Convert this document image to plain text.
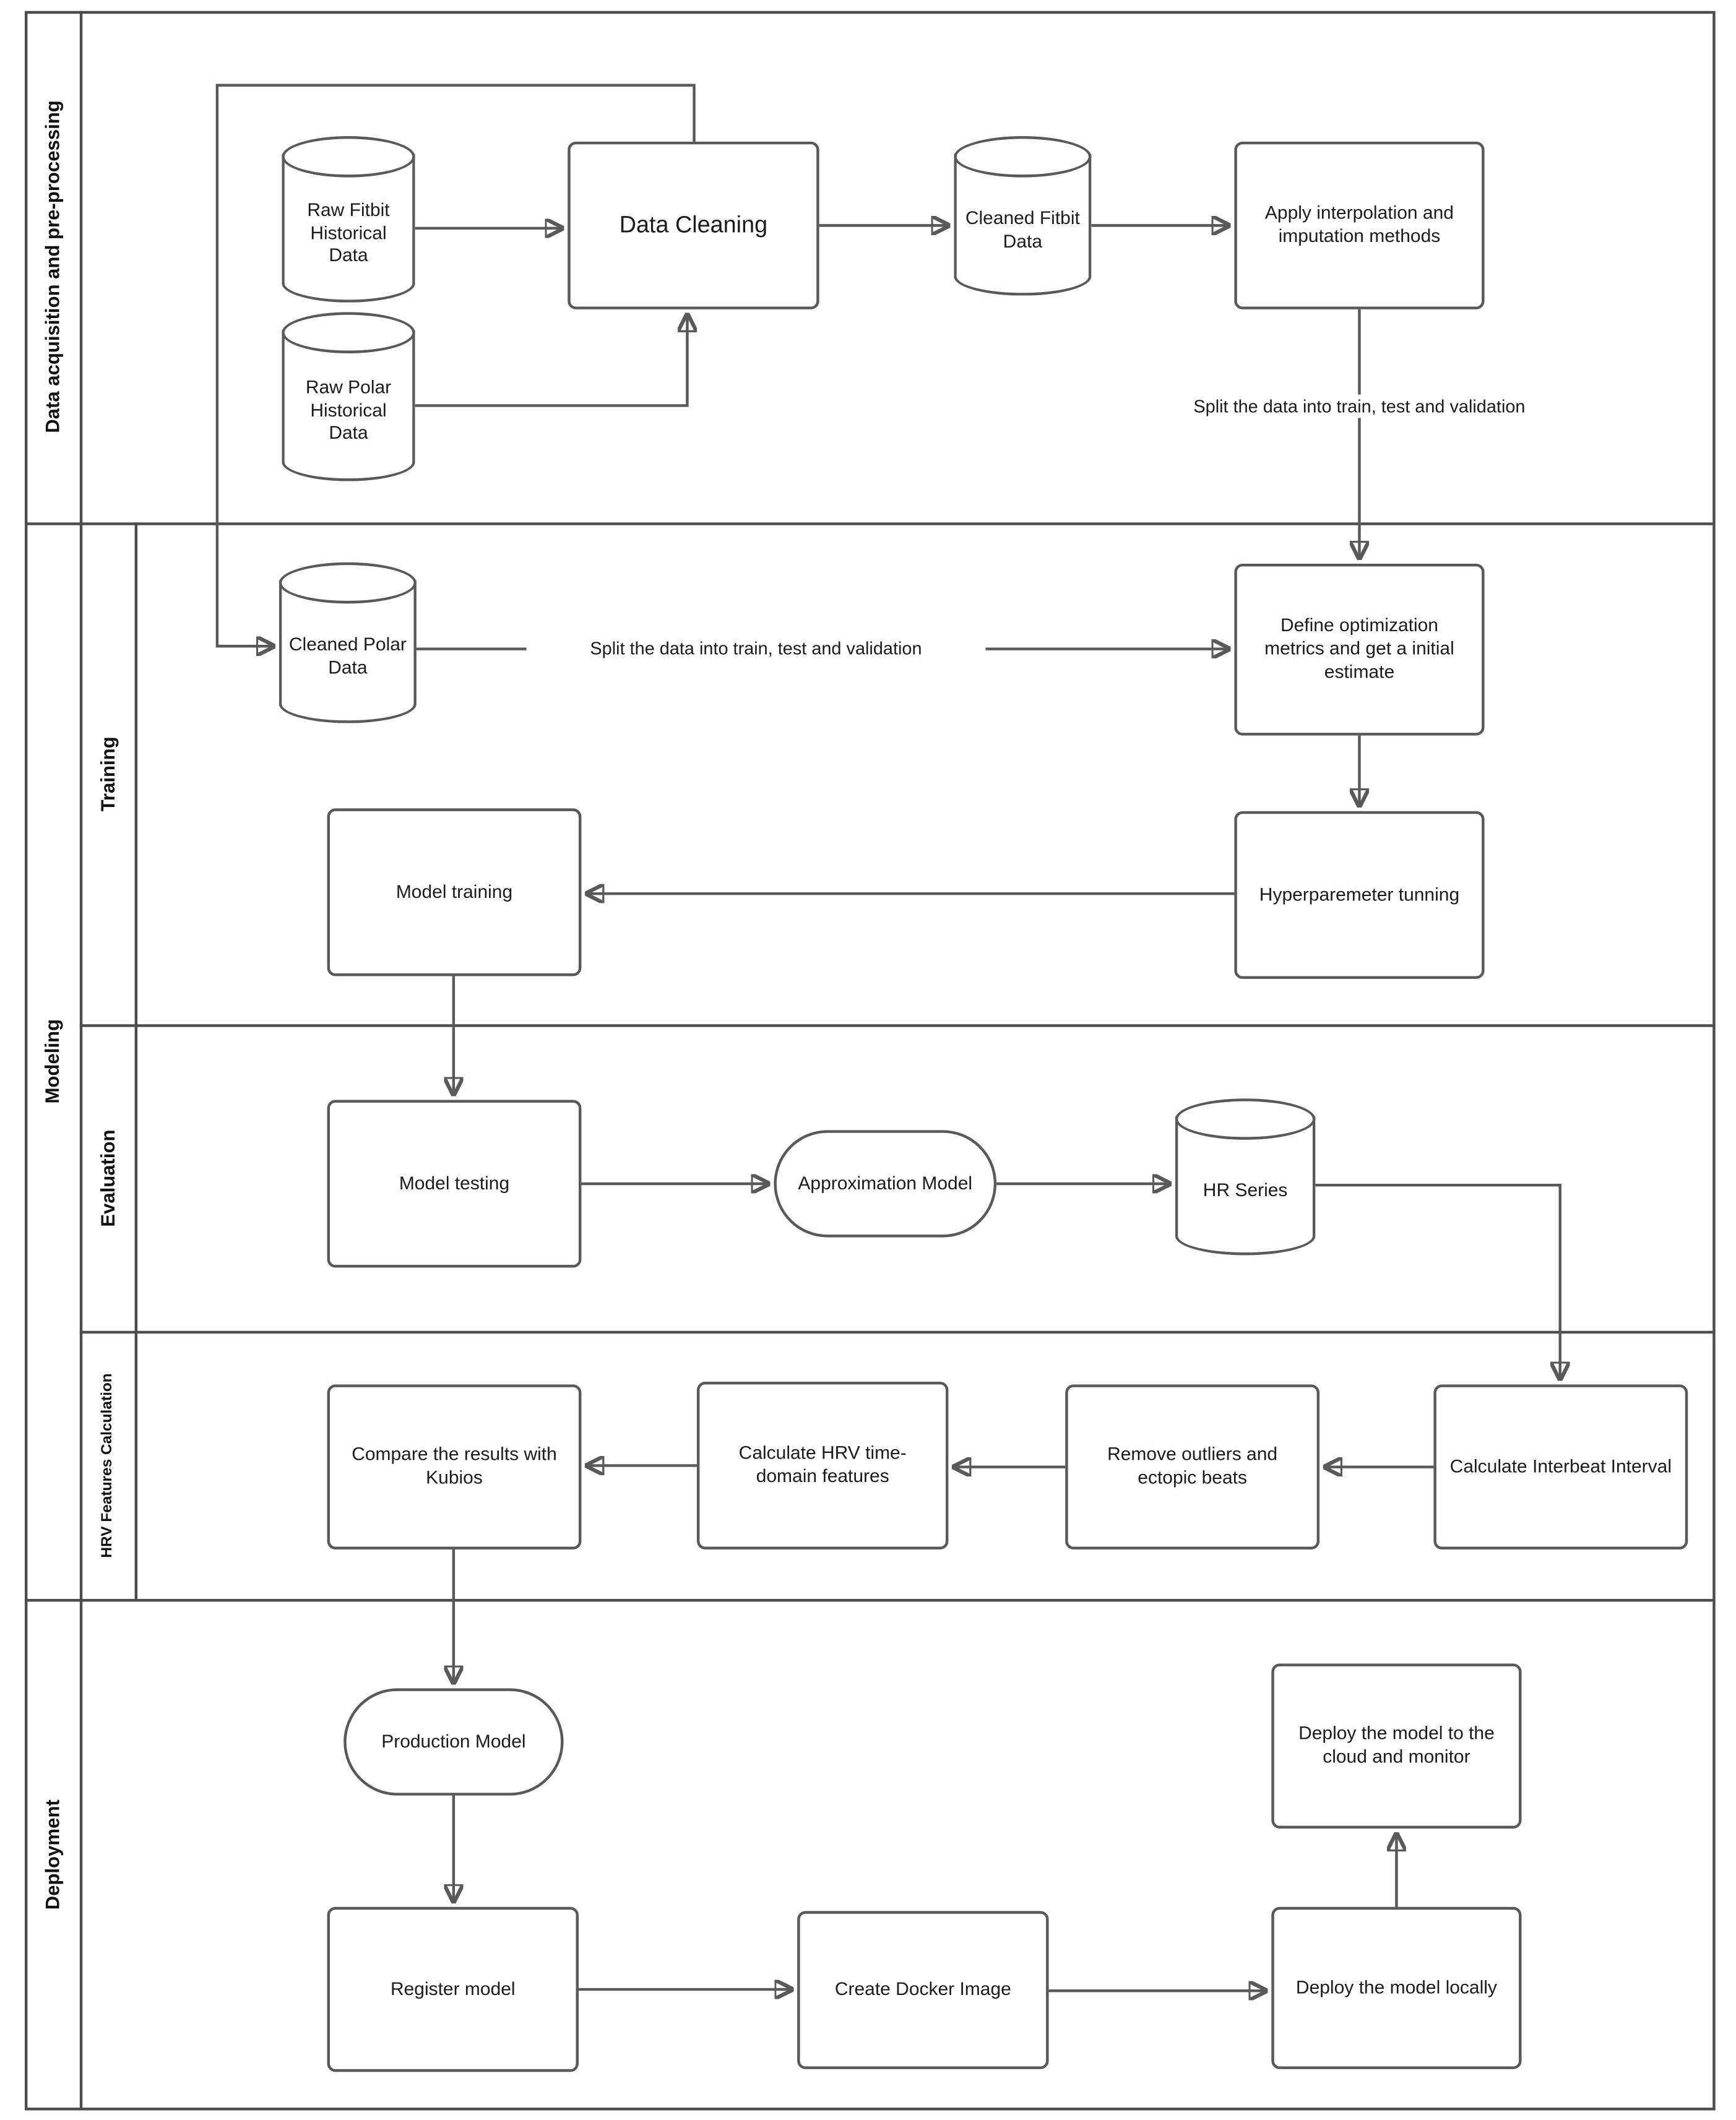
Data acquisition and pre-processing
Modeling
Training
Evaluation
HRV Features Calculation
Deployment
Raw Fitbit Historical Data
Raw Polar Historical Data
Data Cleaning	Cleaned Fitbit Data
Apply interpolation and imputation methods
Cleaned Polar Data
Define optimization metrics and get a initial estimate
Hyperparemeter tunning
Model training
Model testing	Approximation Model	HR Series
Calculate Interbeat Interval
Remove outliers and ectopic beats
Calculate HRV time-domain features
Compare the results with Kubios
Production Model
Register model	Create Docker Image	Deploy the model locally
Deploy the model to the cloud and monitor
Split the data into train, test and validation
Split the data into train, test and validation
